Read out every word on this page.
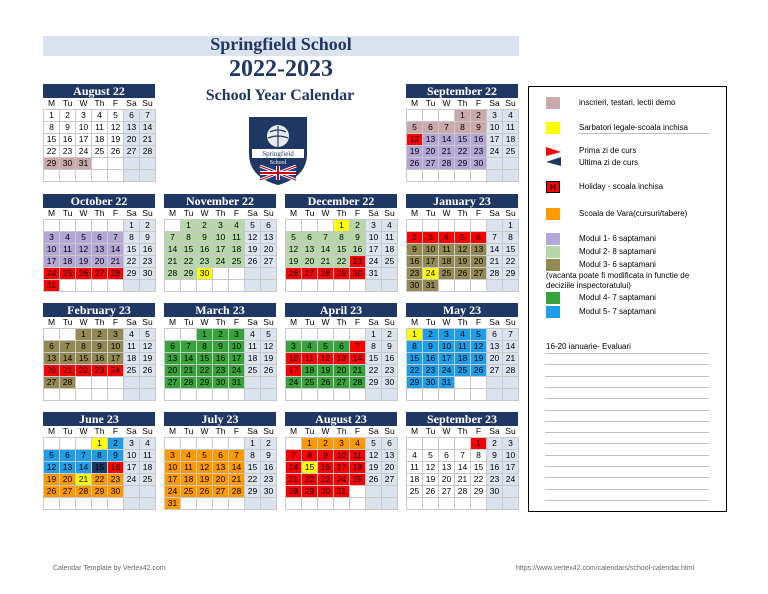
Springfield School
2022-2023
School Year Calendar
Springfield
School
August 22
M	Tu	W	Th	F	Sa	Su
1	2	3	4	5	6	7
8	9	10	11	12	13	14
15	16	17	18	19	20	21
22	23	24	25	26	27	28
29	30	31				

September 22
M	Tu	W	Th	F	Sa	Su
			1	2	3	4
5	6	7	8	9	10	11
12	13	14	15	16	17	18
19	20	21	22	23	24	25
26	27	28	29	30		

October 22
M	Tu	W	Th	F	Sa	Su
					1	2
3	4	5	6	7	8	9
10	11	12	13	14	15	16
17	18	19	20	21	22	23
24	25	26	27	28	29	30
31						
November 22
M	Tu	W	Th	F	Sa	Su
	1	2	3	4	5	6
7	8	9	10	11	12	13
14	15	16	17	18	19	20
21	22	23	24	25	26	27
28	29	30				

December 22
M	Tu	W	Th	F	Sa	Su
			1	2	3	4
5	6	7	8	9	10	11
12	13	14	15	16	17	18
19	20	21	22	23	24	25
26	27	28	29	30	31	

January 23
M	Tu	W	Th	F	Sa	Su
						1
2	3	4	5	6	7	8
9	10	11	12	13	14	15
16	17	18	19	20	21	22
23	24	25	26	27	28	29
30	31					
February 23
M	Tu	W	Th	F	Sa	Su
		1	2	3	4	5
6	7	8	9	10	11	12
13	14	15	16	17	18	19
20	21	22	23	24	25	26
27	28					

March 23
M	Tu	W	Th	F	Sa	Su
		1	2	3	4	5
6	7	8	9	10	11	12
13	14	15	16	17	18	19
20	21	22	23	24	25	26
27	28	29	30	31		

April 23
M	Tu	W	Th	F	Sa	Su
					1	2
3	4	5	6	7	8	9
10	11	12	13	14	15	16
17	18	19	20	21	22	23
24	25	26	27	28	29	30

May 23
M	Tu	W	Th	F	Sa	Su
1	2	3	4	5	6	7
8	9	10	11	12	13	14
15	16	17	18	19	20	21
22	23	24	25	26	27	28
29	30	31				

June 23
M	Tu	W	Th	F	Sa	Su
			1	2	3	4
5	6	7	8	9	10	11
12	13	14	15	16	17	18
19	20	21	22	23	24	25
26	27	28	29	30		

July 23
M	Tu	W	Th	F	Sa	Su
					1	2
3	4	5	6	7	8	9
10	11	12	13	14	15	16
17	18	19	20	21	22	23
24	25	26	27	28	29	30
31						
August 23
M	Tu	W	Th	F	Sa	Su
	1	2	3	4	5	6
7	8	9	10	11	12	13
14	15	16	17	18	19	20
21	22	23	24	25	26	27
28	29	30	31			

September 23
M	Tu	W	Th	F	Sa	Su
				1	2	3
4	5	6	7	8	9	10
11	12	13	14	15	16	17
18	19	20	21	22	23	24
25	26	27	28	29	30	

inscrieri, testari, lectii demo
Sarbatori legale-scoala inchisa
Prima zi de curs
Ultima zi de curs
H	Holiday - scoala inchisa
Scoala de Vara(cursuri/tabere)
Modul 1- 6 saptamani
Modul 2- 8 saptamani
Modul 3- 6 saptamani
(vacanta poate fi modificata in functie de deciziile inspectoratului)
Modul 4- 7 saptamani
Modul 5- 7 saptamani
16-20 ianuarie- Evaluari
Calendar Template by Vertex42.com	https://www.vertex42.com/calendars/school-calendar.html
